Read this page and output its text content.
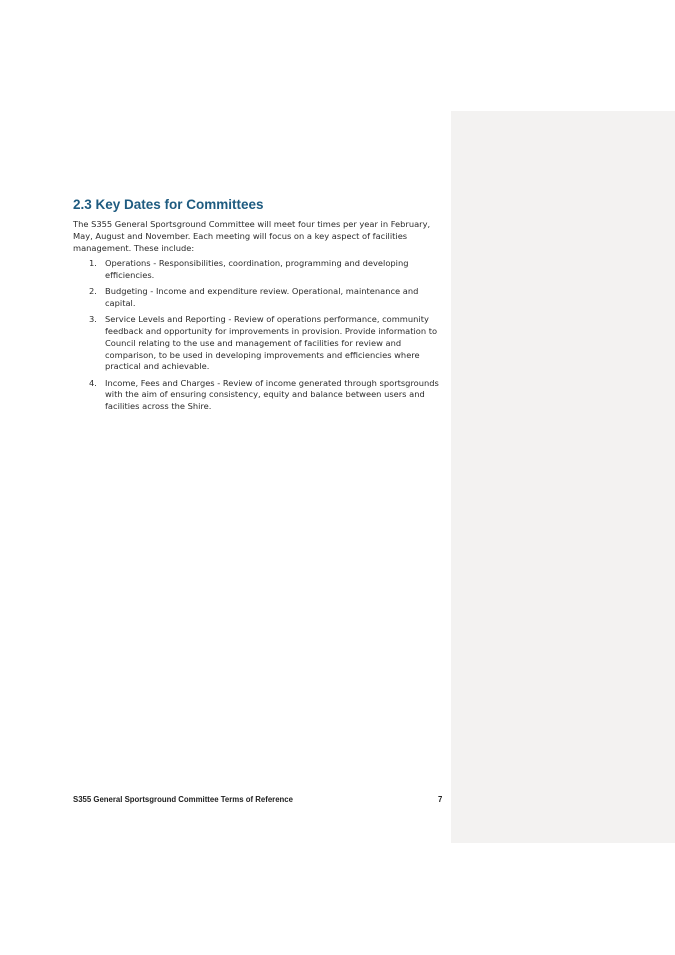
2.3 Key Dates for Committees

The S355 General Sportsground Committee will meet four times per year in February, May, August and November. Each meeting will focus on a key aspect of facilities management. These include:

1. Operations - Responsibilities, coordination, programming and developing efficiencies.
2. Budgeting - Income and expenditure review. Operational, maintenance and capital.
3. Service Levels and Reporting - Review of operations performance, community feedback and opportunity for improvements in provision. Provide information to Council relating to the use and management of facilities for review and comparison, to be used in developing improvements and efficiencies where practical and achievable.
4. Income, Fees and Charges - Review of income generated through sportsgrounds with the aim of ensuring consistency, equity and balance between users and facilities across the Shire.
S355 General Sportsground Committee Terms of Reference	7
